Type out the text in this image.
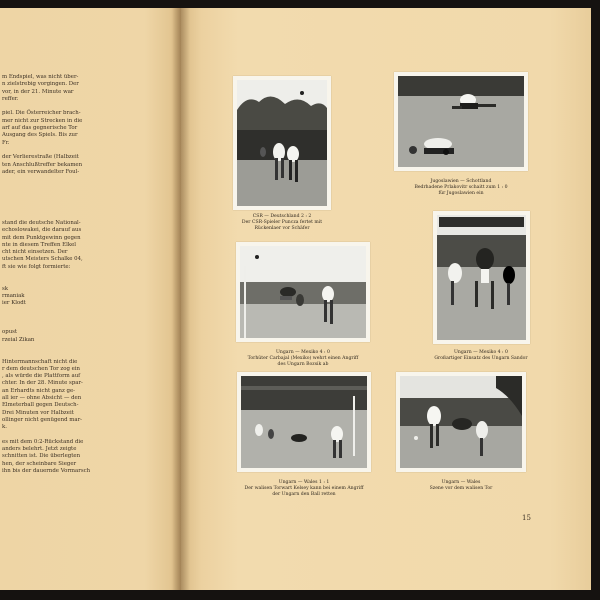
m Endspiel, was nicht über-
n zielstrebig vorgingen. Der
vor, in der 21. Minute war
reffer.
piel. Die Österreicher brach-
mer nicht zur Strecken in die
arf auf das gegnerische Tor
Ausgang des Spiels. Bis zur
Fr.
der Verlierestraße (Halbzeit
ten Anschlußtreffer bekamen
ader, ein verwandelter Foul-
stand die deutsche National-
echoslowakei, die darauf aus
mit dem Punktgewinn gegen
nte in diesem Treffen Elkel
cht nicht einsetzen. Der
utschen Meisters Schalke 04,
ft sie wie folgt formierte:
sk
rmaniak
ier Klodt
opust
rzeial Zikan
Hintermannschaft nicht die
r dem deutschen Tor zog ein
, als würde die Plattform auf
chter. In der 28. Minute spar-
an Erhardts nicht ganz ge-
all ier — ohne Absicht — den
Elmeterball gegen Deutsch-
Drei Minuten vor Halbzeit
ollinger nicht genügend mar-
k.
es mit dem 0:2-Rückstand die
anders belehrt. Jetzt zeigte
schnitten ist. Die überlegten
hen, der scheinbare Sieger
ihn bis der dauernde Vormarsch
CSR — Deutschland 2 : 2
Der CSR-Spieler Puncza fertet mit
Rückenlaer vor Schäfer
Jugoslawien — Schottland
Bedrhadene Prlakovitr schaitt zum 1 : 0
für Jugoslawien ein
Ungarn — Mexiko 4 : 0
Torhüter Carbajal (Mexiko) wehrt einen Angriff
des Ungarn Bozsik ab
Ungarn — Mexiko 4 : 0
Großartiger Einsatz des Ungarn Sandor
Ungarn — Wales 1 : 1
Der walisen Torwart Kelsey kann bei einem Angriff
der Ungarn den Ball retten
Ungarn — Wales
Szene vor dem walisen Tor
15
